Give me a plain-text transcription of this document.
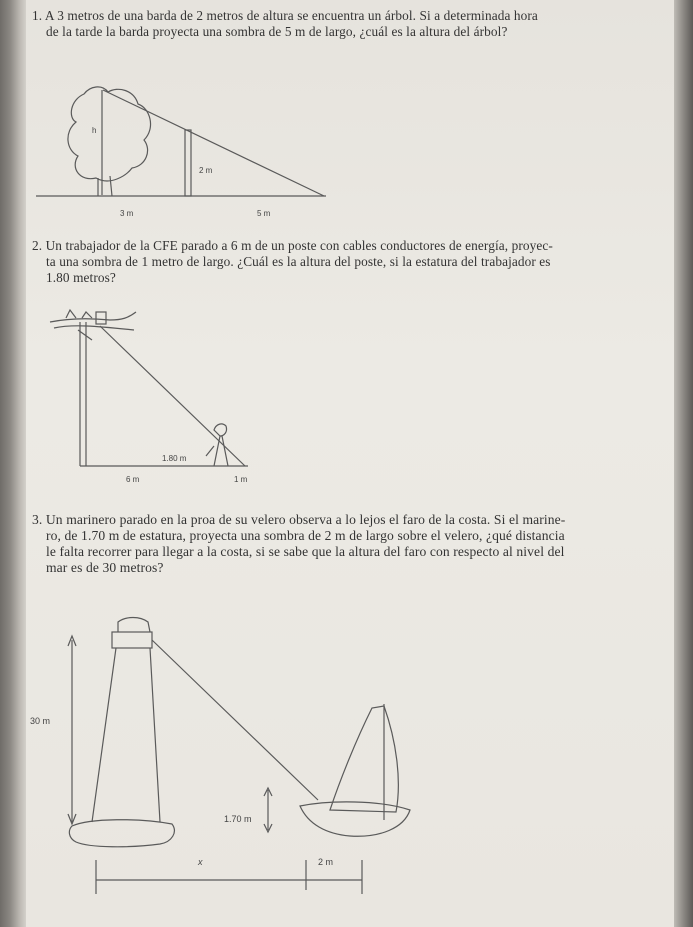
1. A 3 metros de una barda de 2 metros de altura se encuentra un árbol. Si a determinada hora
de la tarde la barda proyecta una sombra de 5 m de largo, ¿cuál es la altura del árbol?
2. Un trabajador de la CFE parado a 6 m de un poste con cables conductores de energía, proyec-
ta una sombra de 1 metro de largo. ¿Cuál es la altura del poste, si la estatura del trabajador es
1.80 metros?
3. Un marinero parado en la proa de su velero observa a lo lejos el faro de la costa. Si el marine-
ro, de 1.70 m de estatura, proyecta una sombra de 2 m de largo sobre el velero, ¿qué distancia
le falta recorrer para llegar a la costa, si se sabe que la altura del faro con respecto al nivel del
mar es de 30 metros?
h
2 m
3 m	5 m
1.80 m
6 m	1 m
30 m
1.70 m
x	2 m
